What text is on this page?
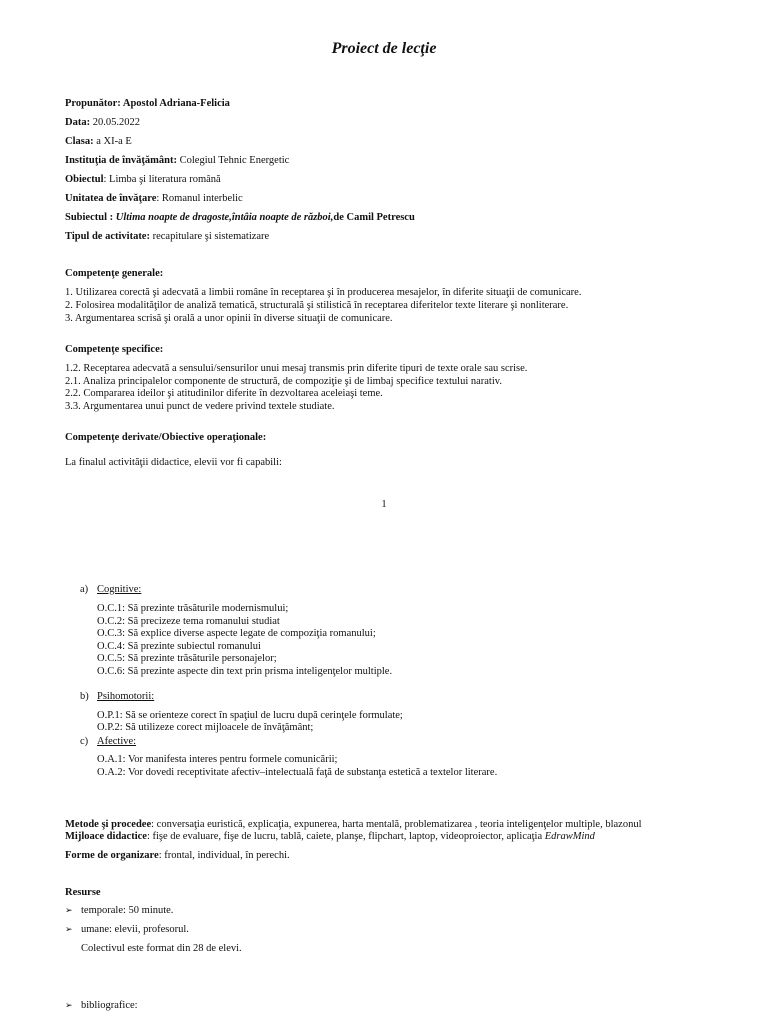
Proiect de lecţie
Propunător: Apostol Adriana-Felicia
Data: 20.05.2022
Clasa: a XI-a E
Instituţia de învăţământ: Colegiul Tehnic Energetic
Obiectul: Limba şi literatura română
Unitatea de învăţare: Romanul interbelic
Subiectul : Ultima noapte de dragoste,întâia noapte de război,de Camil Petrescu
Tipul de activitate: recapitulare şi sistematizare
Competenţe generale:
1. Utilizarea corectă şi adecvată a limbii române în receptarea şi în producerea mesajelor, în diferite situaţii de comunicare.
2. Folosirea modalităţilor de analiză tematică, structurală şi stilistică în receptarea diferitelor texte literare şi nonliterare.
3. Argumentarea scrisă şi orală a unor opinii în diverse situaţii de comunicare.
Competenţe specifice:
1.2. Receptarea adecvată a sensului/sensurilor unui mesaj transmis prin diferite tipuri de texte orale sau scrise.
2.1. Analiza principalelor componente de structură, de compoziţie şi de limbaj specifice textului narativ.
2.2. Compararea ideilor şi atitudinilor diferite în dezvoltarea aceleiaşi teme.
3.3. Argumentarea unui punct de vedere privind textele studiate.
Competenţe derivate/Obiective operaţionale:
La finalul activităţii didactice, elevii vor fi capabili:
1
a) Cognitive:
O.C.1: Să prezinte trăsăturile modernismului;
O.C.2: Să precizeze tema romanului studiat
O.C.3: Să explice diverse aspecte legate de compoziţia romanului;
O.C.4: Să prezinte subiectul romanului
O.C.5: Să prezinte trăsăturile personajelor;
O.C.6: Să prezinte aspecte din text prin prisma inteligenţelor multiple.
b) Psihomotorii:
O.P.1: Să se orienteze corect în spaţiul de lucru după cerinţele formulate;
O.P.2: Să utilizeze corect mijloacele de învăţământ;
c) Afective:
O.A.1: Vor manifesta interes pentru formele comunicării;
O.A.2: Vor dovedi receptivitate afectiv–intelectuală faţă de substanţa estetică a textelor literare.
Metode şi procedee: conversaţia euristică, explicaţia, expunerea, harta mentală, problematizarea , teoria inteligenţelor multiple, blazonul
Mijloace didactice: fişe de evaluare, fişe de lucru, tablă, caiete, planşe, flipchart, laptop, videoproiector, aplicaţia EdrawMind
Forme de organizare: frontal, individual, în perechi.
Resurse
➢ temporale: 50 minute.
➢ umane: elevii, profesorul.
Colectivul este format din 28 de elevi.
➢ bibliografice:
